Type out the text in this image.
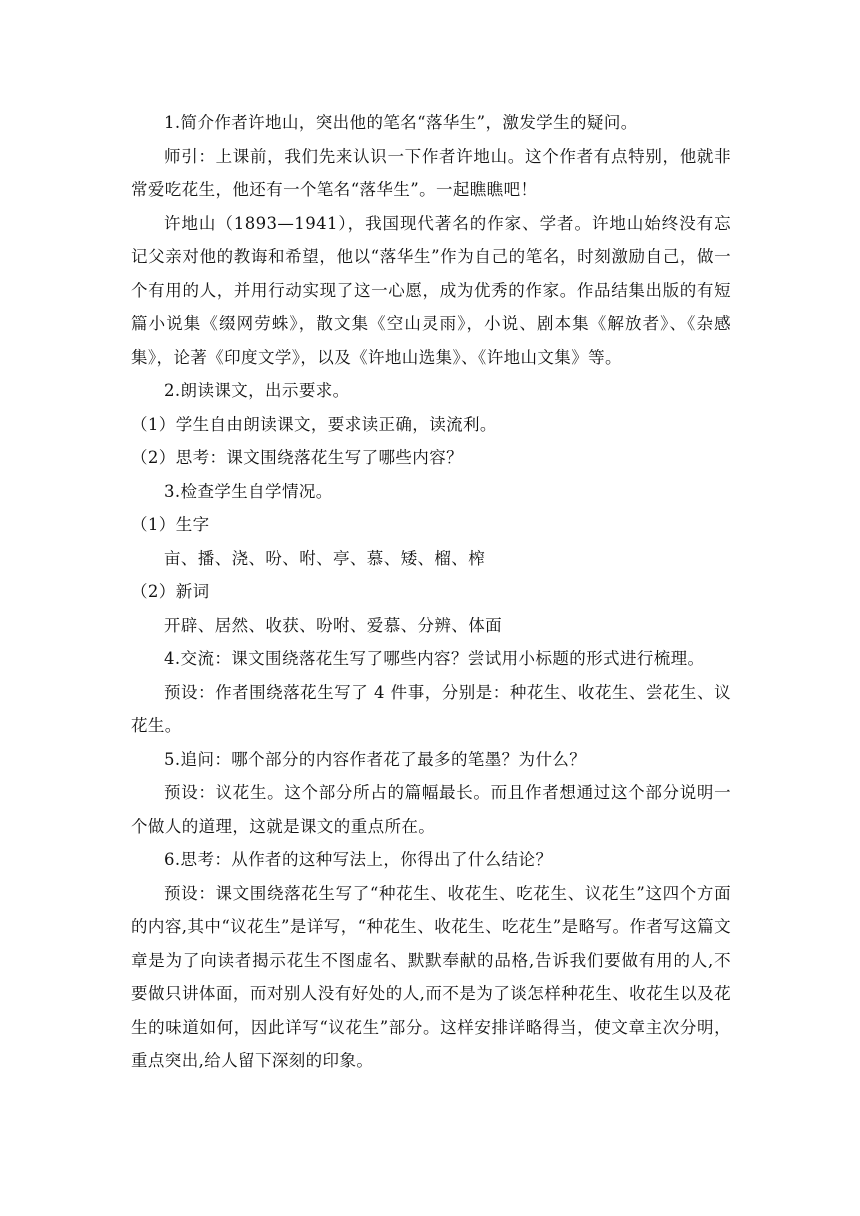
1.简介作者许地山，突出他的笔名“落华生”，激发学生的疑问。

师引：上课前，我们先来认识一下作者许地山。这个作者有点特别，他就非常爱吃花生，他还有一个笔名“落华生”。一起瞧瞧吧！

许地山（1893—1941），我国现代著名的作家、学者。许地山始终没有忘记父亲对他的教诲和希望，他以“落华生”作为自己的笔名，时刻激励自己，做一个有用的人，并用行动实现了这一心愿，成为优秀的作家。作品结集出版的有短篇小说集《缀网劳蛛》，散文集《空山灵雨》，小说、剧本集《解放者》、《杂感集》，论著《印度文学》，以及《许地山选集》、《许地山文集》等。

2.朗读课文，出示要求。

（1）学生自由朗读课文，要求读正确，读流利。

（2）思考：课文围绕落花生写了哪些内容？

3.检查学生自学情况。

（1）生字

亩、播、浇、吩、咐、亭、慕、矮、榴、榨

（2）新词

开辟、居然、收获、吩咐、爱慕、分辨、体面

4.交流：课文围绕落花生写了哪些内容？尝试用小标题的形式进行梳理。

预设：作者围绕落花生写了 4 件事，分别是：种花生、收花生、尝花生、议花生。

5.追问：哪个部分的内容作者花了最多的笔墨？为什么？

预设：议花生。这个部分所占的篇幅最长。而且作者想通过这个部分说明一个做人的道理，这就是课文的重点所在。

6.思考：从作者的这种写法上，你得出了什么结论？

预设：课文围绕落花生写了“种花生、收花生、吃花生、议花生”这四个方面的内容,其中“议花生”是详写，“种花生、收花生、吃花生”是略写。作者写这篇文章是为了向读者揭示花生不图虚名、默默奉献的品格,告诉我们要做有用的人,不要做只讲体面，而对别人没有好处的人,而不是为了谈怎样种花生、收花生以及花生的味道如何，因此详写“议花生”部分。这样安排详略得当，使文章主次分明，重点突出,给人留下深刻的印象。
